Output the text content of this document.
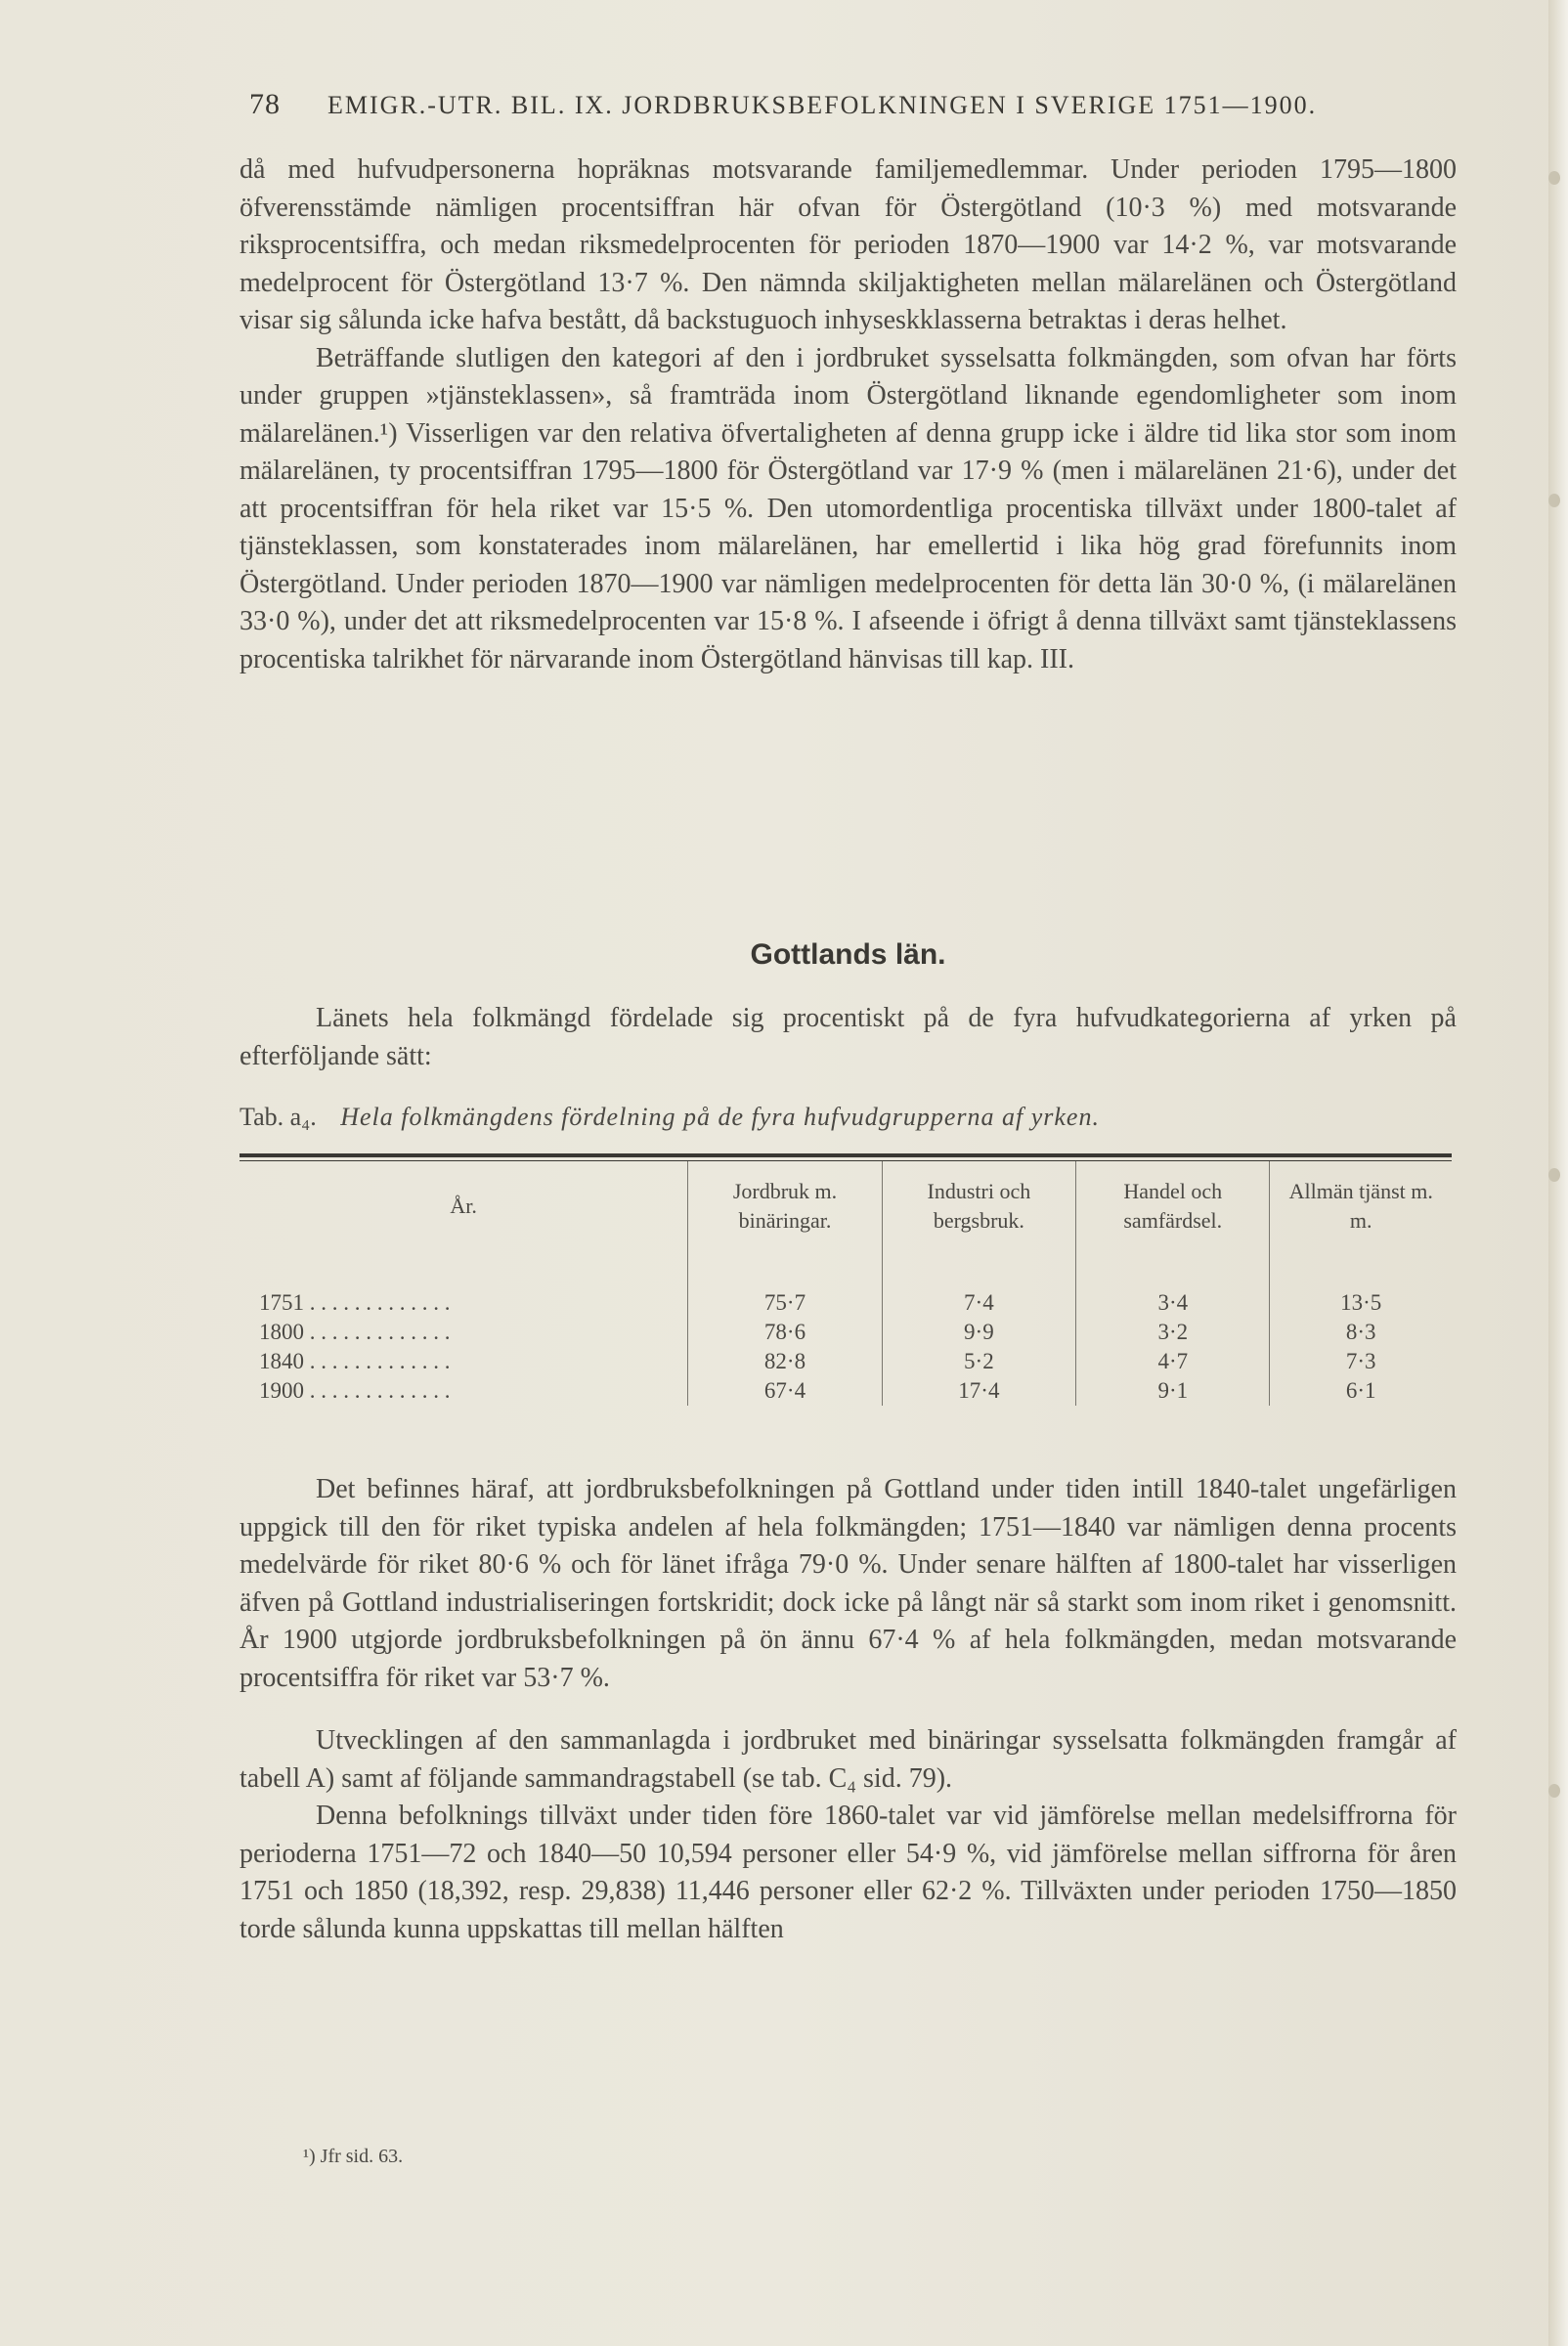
78 EMIGR.-UTR. BIL. IX. JORDBRUKSBEFOLKNINGEN I SVERIGE 1751—1900.

då med hufvudpersonerna hopräknas motsvarande familjemedlemmar. Under perioden 1795—1800 öfverensstämde nämligen procentsiffran här ofvan för Östergötland (10·3 %) med motsvarande riksprocentsiffra, och medan riksmedelprocenten för perioden 1870—1900 var 14·2 %, var motsvarande medelprocent för Östergötland 13·7 %. Den nämnda skiljaktigheten mellan mälarelänen och Östergötland visar sig sålunda icke hafva bestått, då backstuguoch inhyseskklasserna betraktas i deras helhet.

Beträffande slutligen den kategori af den i jordbruket sysselsatta folkmängden, som ofvan har förts under gruppen »tjänsteklassen», så framträda inom Östergötland liknande egendomligheter som inom mälarelänen.¹) Visserligen var den relativa öfvertaligheten af denna grupp icke i äldre tid lika stor som inom mälarelänen, ty procentsiffran 1795—1800 för Östergötland var 17·9 % (men i mälarelänen 21·6), under det att procentsiffran för hela riket var 15·5 %. Den utomordentliga procentiska tillväxt under 1800-talet af tjänsteklassen, som konstaterades inom mälarelänen, har emellertid i lika hög grad förefunnits inom Östergötland. Under perioden 1870—1900 var nämligen medelprocenten för detta län 30·0 %, (i mälarelänen 33·0 %), under det att riksmedelprocenten var 15·8 %. I afseende i öfrigt å denna tillväxt samt tjänsteklassens procentiska talrikhet för närvarande inom Östergötland hänvisas till kap. III.

Gottlands län.

Länets hela folkmängd fördelade sig procentiskt på de fyra hufvudkategorierna af yrken på efterföljande sätt:

Tab. a₄. Hela folkmängdens fördelning på de fyra hufvudgrupperna af yrken.
År.	Jordbruk m. binäringar.	Industri och bergsbruk.	Handel och samfärdsel.	Allmän tjänst m. m.
1751 . . . . . . . . . . . . .	75·7	7·4	3·4	13·5
1800 . . . . . . . . . . . . .	78·6	9·9	3·2	8·3
1840 . . . . . . . . . . . . .	82·8	5·2	4·7	7·3
1900 . . . . . . . . . . . . .	67·4	17·4	9·1	6·1

Det befinnes häraf, att jordbruksbefolkningen på Gottland under tiden intill 1840-talet ungefärligen uppgick till den för riket typiska andelen af hela folkmängden; 1751—1840 var nämligen denna procents medelvärde för riket 80·6 % och för länet ifråga 79·0 %. Under senare hälften af 1800-talet har visserligen äfven på Gottland industrialiseringen fortskridit; dock icke på långt när så starkt som inom riket i genomsnitt. År 1900 utgjorde jordbruksbefolkningen på ön ännu 67·4 % af hela folkmängden, medan motsvarande procentsiffra för riket var 53·7 %.

Utvecklingen af den sammanlagda i jordbruket med binäringar sysselsatta folkmängden framgår af tabell A) samt af följande sammandragstabell (se tab. C₄ sid. 79).

Denna befolknings tillväxt under tiden före 1860-talet var vid jämförelse mellan medelsiffrorna för perioderna 1751—72 och 1840—50 10,594 personer eller 54·9 %, vid jämförelse mellan siffrorna för åren 1751 och 1850 (18,392, resp. 29,838) 11,446 personer eller 62·2 %. Tillväxten under perioden 1750—1850 torde sålunda kunna uppskattas till mellan hälften

¹) Jfr sid. 63.
